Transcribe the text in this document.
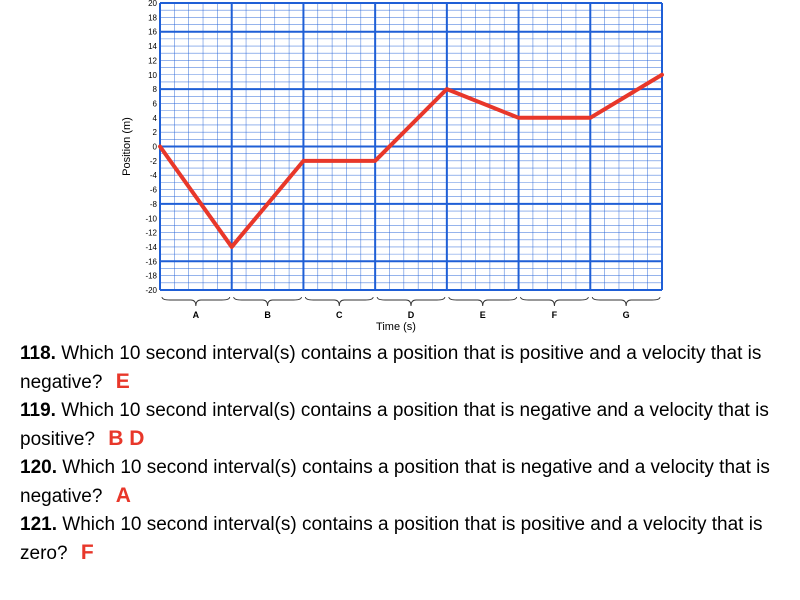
20
18
16
14
12
10
8
6
4
2
0
-2
-4
-6
-8
-10
-12
-14
-16
-18
-20
A	B	C	D	E	F	G
Position (m)
Time (s)

118. Which 10 second interval(s) contains a position that is positive and a velocity that is negative? E

119. Which 10 second interval(s) contains a position that is negative and a velocity that is positive? B D

120. Which 10 second interval(s) contains a position that is negative and a velocity that is negative? A

121. Which 10 second interval(s) contains a position that is positive and a velocity that is zero? F
